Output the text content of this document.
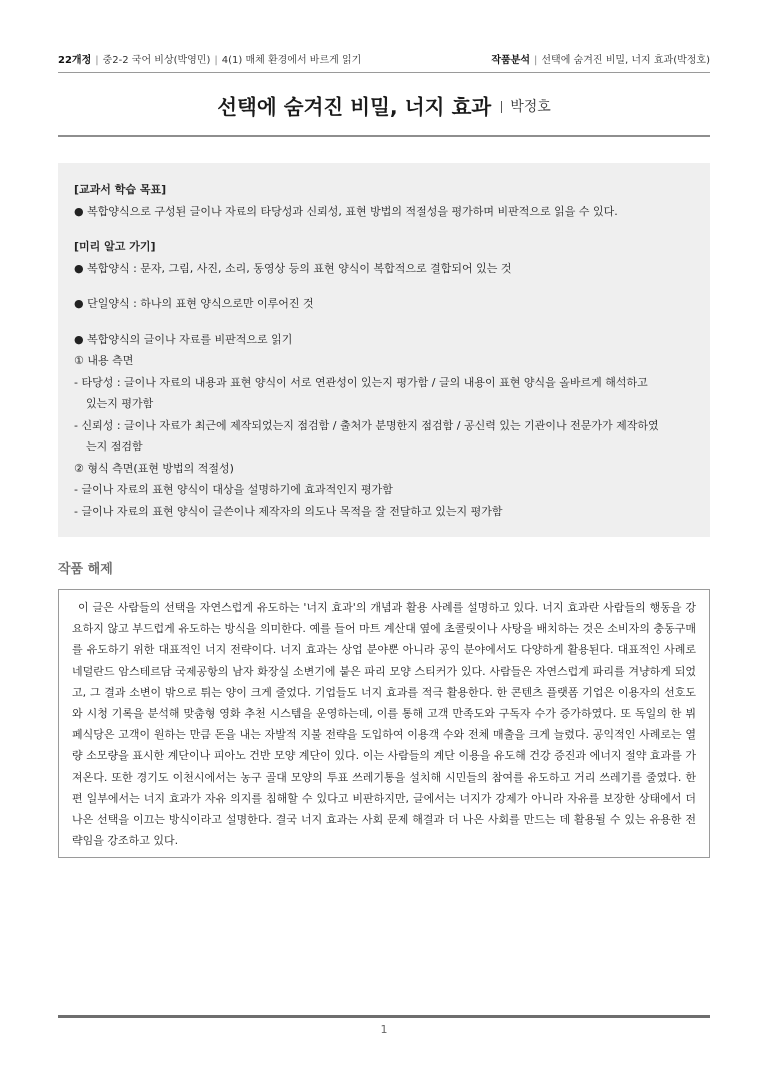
22개정 | 중2-2 국어 비상(박영민) | 4(1) 매체 환경에서 바르게 읽기	작품분석 | 선택에 숨겨진 비밀, 너지 효과(박정호)
선택에 숨겨진 비밀, 너지 효과 박정호
[교과서 학습 목표]
● 복합양식으로 구성된 글이나 자료의 타당성과 신뢰성, 표현 방법의 적절성을 평가하며 비판적으로 읽을 수 있다.
[미리 알고 가기]
● 복합양식 : 문자, 그림, 사진, 소리, 동영상 등의 표현 양식이 복합적으로 결합되어 있는 것
● 단일양식 : 하나의 표현 양식으로만 이루어진 것
● 복합양식의 글이나 자료를 비판적으로 읽기
① 내용 측면
- 타당성 : 글이나 자료의 내용과 표현 양식이 서로 연관성이 있는지 평가함 / 글의 내용이 표현 양식을 올바르게 해석하고
있는지 평가함
- 신뢰성 : 글이나 자료가 최근에 제작되었는지 점검함 / 출처가 분명한지 점검함 / 공신력 있는 기관이나 전문가가 제작하였
는지 점검함
② 형식 측면(표현 방법의 적절성)
- 글이나 자료의 표현 양식이 대상을 설명하기에 효과적인지 평가함
- 글이나 자료의 표현 양식이 글쓴이나 제작자의 의도나 목적을 잘 전달하고 있는지 평가함
작품 해제

이 글은 사람들의 선택을 자연스럽게 유도하는 '너지 효과'의 개념과 활용 사례를 설명하고 있다. 너지 효과란 사람들의 행동을 강요하지 않고 부드럽게 유도하는 방식을 의미한다. 예를 들어 마트 계산대 옆에 초콜릿이나 사탕을 배치하는 것은 소비자의 충동구매를 유도하기 위한 대표적인 너지 전략이다. 너지 효과는 상업 분야뿐 아니라 공익 분야에서도 다양하게 활용된다. 대표적인 사례로 네덜란드 암스테르담 국제공항의 남자 화장실 소변기에 붙은 파리 모양 스티커가 있다. 사람들은 자연스럽게 파리를 겨냥하게 되었고, 그 결과 소변이 밖으로 튀는 양이 크게 줄었다. 기업들도 너지 효과를 적극 활용한다. 한 콘텐츠 플랫폼 기업은 이용자의 선호도와 시청 기록을 분석해 맞춤형 영화 추천 시스템을 운영하는데, 이를 통해 고객 만족도와 구독자 수가 증가하였다. 또 독일의 한 뷔페식당은 고객이 원하는 만큼 돈을 내는 자발적 지불 전략을 도입하여 이용객 수와 전체 매출을 크게 늘렸다. 공익적인 사례로는 열량 소모량을 표시한 계단이나 피아노 건반 모양 계단이 있다. 이는 사람들의 계단 이용을 유도해 건강 증진과 에너지 절약 효과를 가져온다. 또한 경기도 이천시에서는 농구 골대 모양의 투표 쓰레기통을 설치해 시민들의 참여를 유도하고 거리 쓰레기를 줄였다. 한편 일부에서는 너지 효과가 자유 의지를 침해할 수 있다고 비판하지만, 글에서는 너지가 강제가 아니라 자유를 보장한 상태에서 더 나은 선택을 이끄는 방식이라고 설명한다. 결국 너지 효과는 사회 문제 해결과 더 나은 사회를 만드는 데 활용될 수 있는 유용한 전략임을 강조하고 있다.

1
